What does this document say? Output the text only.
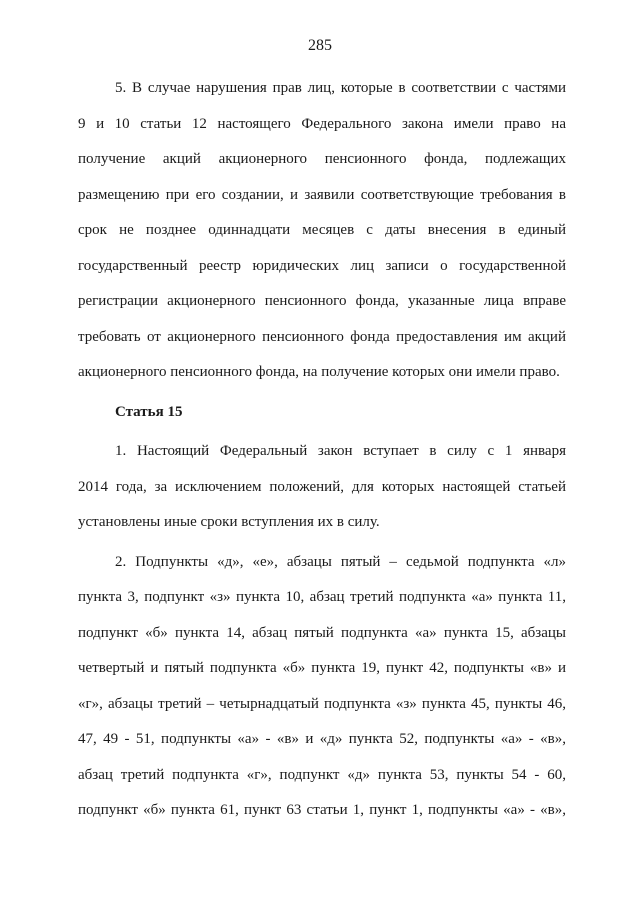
285
5. В случае нарушения прав лиц, которые в соответствии с частями
9 и 10 статьи 12 настоящего Федерального закона имели право на
получение акций акционерного пенсионного фонда, подлежащих
размещению при его создании, и заявили соответствующие требования в
срок не позднее одиннадцати месяцев с даты внесения в единый
государственный реестр юридических лиц записи о государственной
регистрации акционерного пенсионного фонда, указанные лица вправе
требовать от акционерного пенсионного фонда предоставления им акций
акционерного пенсионного фонда, на получение которых они имели право.
Статья 15
1. Настоящий Федеральный закон вступает в силу с 1 января
2014 года, за исключением положений, для которых настоящей статьей
установлены иные сроки вступления их в силу.
2. Подпункты «д», «е», абзацы пятый – седьмой подпункта «л»
пункта 3, подпункт «з» пункта 10, абзац третий подпункта «а» пункта 11,
подпункт «б» пункта 14, абзац пятый подпункта «а» пункта 15, абзацы
четвертый и пятый подпункта «б» пункта 19, пункт 42, подпункты «в» и
«г», абзацы третий – четырнадцатый подпункта «з» пункта 45, пункты 46,
47, 49 - 51, подпункты «а» - «в» и «д» пункта 52, подпункты «а» - «в»,
абзац третий подпункта «г», подпункт «д» пункта 53, пункты 54 - 60,
подпункт «б» пункта 61, пункт 63 статьи 1, пункт 1, подпункты «а» - «в»,
